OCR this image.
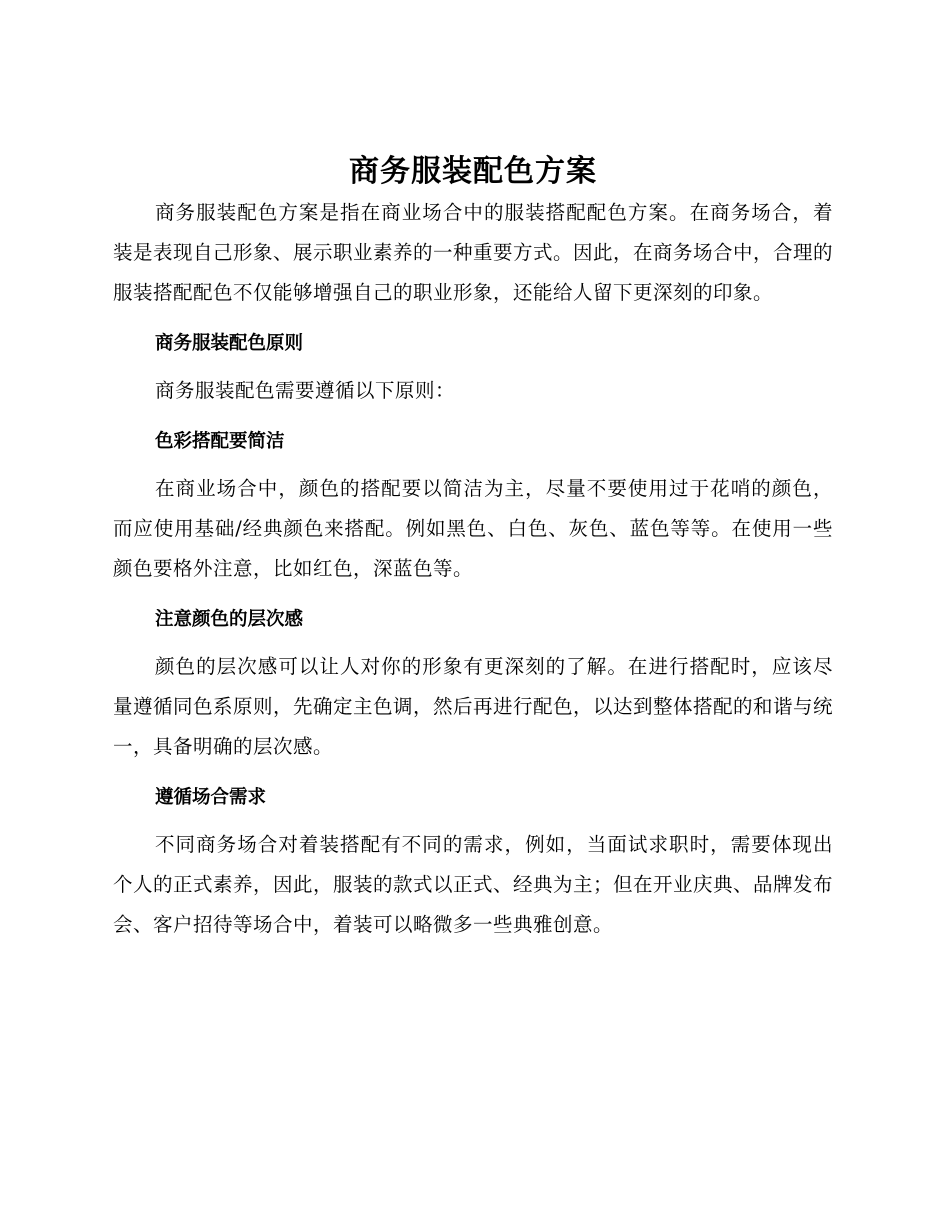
商务服装配色方案

商务服装配色方案是指在商业场合中的服装搭配配色方案。在商务场合，着装是表现自己形象、展示职业素养的一种重要方式。因此，在商务场合中，合理的服装搭配配色不仅能够增强自己的职业形象，还能给人留下更深刻的印象。

商务服装配色原则

商务服装配色需要遵循以下原则：

色彩搭配要简洁

在商业场合中，颜色的搭配要以简洁为主，尽量不要使用过于花哨的颜色，而应使用基础/经典颜色来搭配。例如黑色、白色、灰色、蓝色等等。在使用一些颜色要格外注意，比如红色，深蓝色等。

注意颜色的层次感

颜色的层次感可以让人对你的形象有更深刻的了解。在进行搭配时，应该尽量遵循同色系原则，先确定主色调，然后再进行配色，以达到整体搭配的和谐与统一，具备明确的层次感。

遵循场合需求

不同商务场合对着装搭配有不同的需求，例如，当面试求职时，需要体现出个人的正式素养，因此，服装的款式以正式、经典为主；但在开业庆典、品牌发布会、客户招待等场合中，着装可以略微多一些典雅创意。
